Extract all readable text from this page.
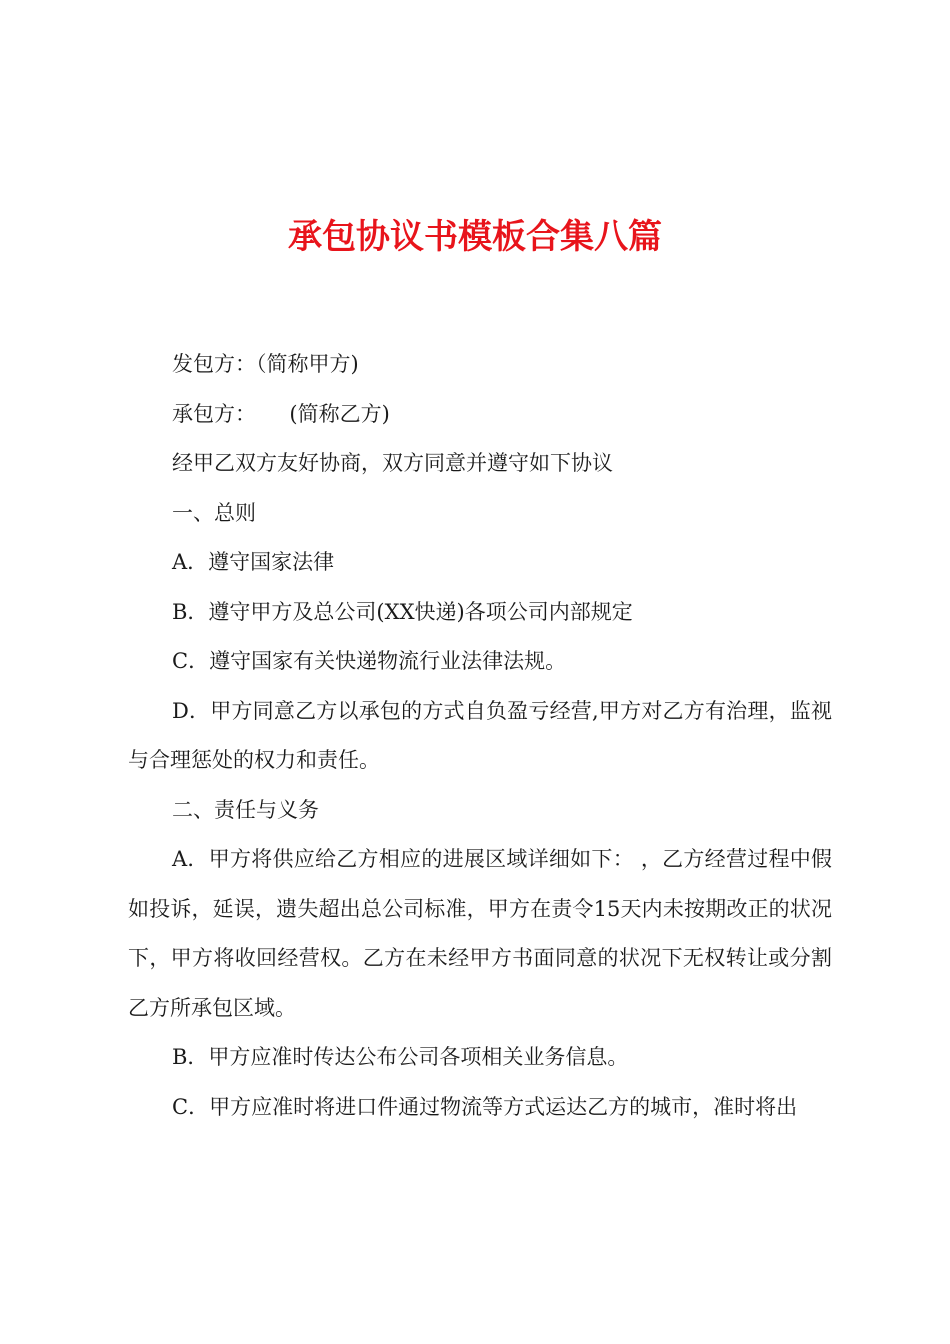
承包协议书模板合集八篇

发包方：（简称甲方)

承包方：     (简称乙方)

经甲乙双方友好协商，双方同意并遵守如下协议

一、总则

A．遵守国家法律

B．遵守甲方及总公司(XX快递)各项公司内部规定

C．遵守国家有关快递物流行业法律法规。

D．甲方同意乙方以承包的方式自负盈亏经营,甲方对乙方有治理，监视与合理惩处的权力和责任。

二、责任与义务

A．甲方将供应给乙方相应的进展区域详细如下： ，乙方经营过程中假如投诉，延误，遗失超出总公司标准，甲方在责令15天内未按期改正的状况下，甲方将收回经营权。乙方在未经甲方书面同意的状况下无权转让或分割乙方所承包区域。

B．甲方应准时传达公布公司各项相关业务信息。

C．甲方应准时将进口件通过物流等方式运达乙方的城市，准时将出
